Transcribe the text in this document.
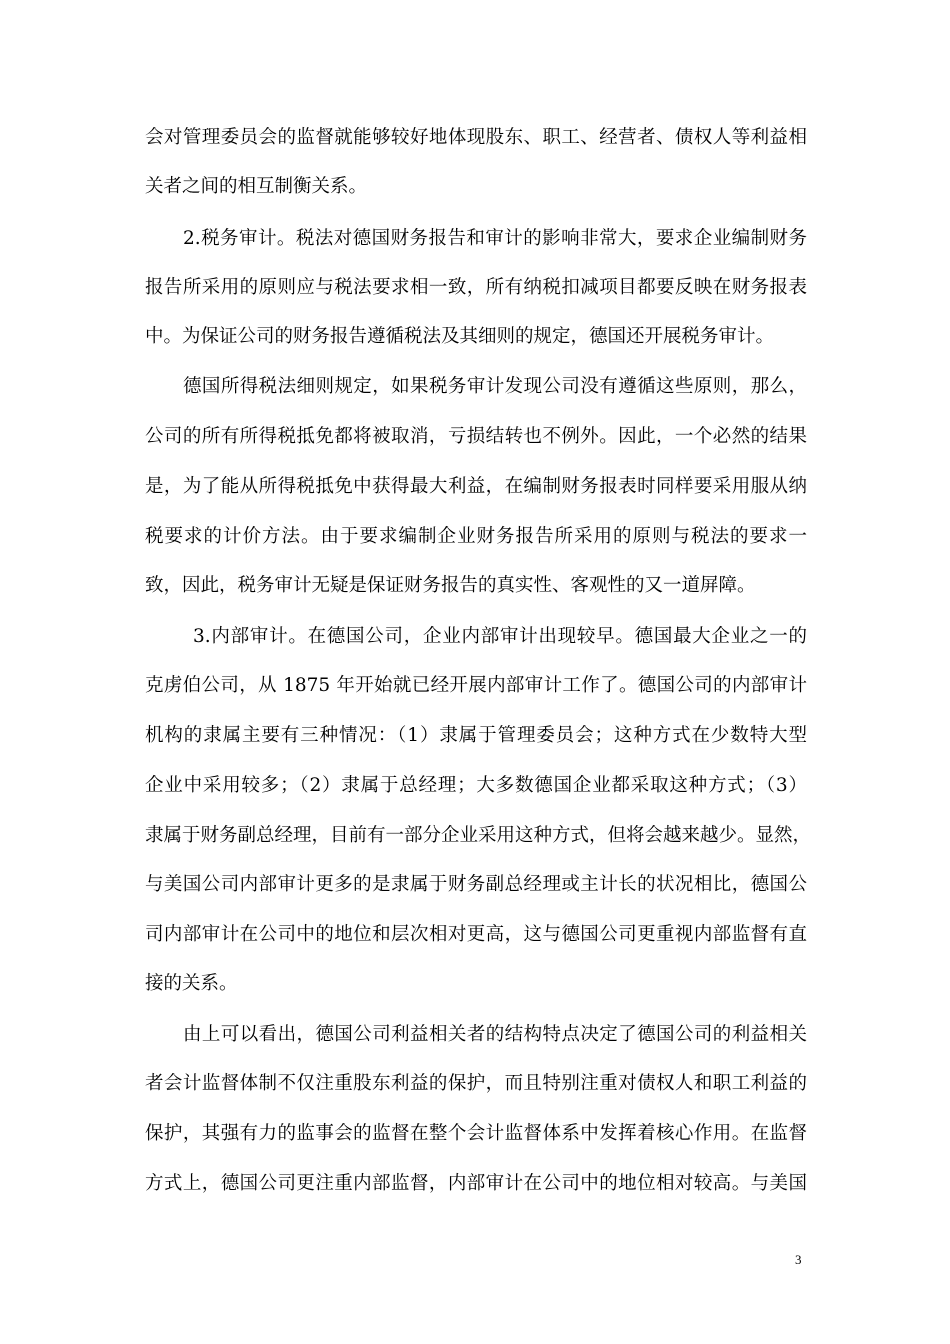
会对管理委员会的监督就能够较好地体现股东、职工、经营者、债权人等利益相
关者之间的相互制衡关系。
2.税务审计。税法对德国财务报告和审计的影响非常大，要求企业编制财务
报告所采用的原则应与税法要求相一致，所有纳税扣减项目都要反映在财务报表
中。为保证公司的财务报告遵循税法及其细则的规定，德国还开展税务审计。
德国所得税法细则规定，如果税务审计发现公司没有遵循这些原则，那么，
公司的所有所得税抵免都将被取消，亏损结转也不例外。因此，一个必然的结果
是，为了能从所得税抵免中获得最大利益，在编制财务报表时同样要采用服从纳
税要求的计价方法。由于要求编制企业财务报告所采用的原则与税法的要求一
致，因此，税务审计无疑是保证财务报告的真实性、客观性的又一道屏障。
3.内部审计。在德国公司，企业内部审计出现较早。德国最大企业之一的
克虏伯公司，从 1875 年开始就已经开展内部审计工作了。德国公司的内部审计
机构的隶属主要有三种情况：（1）隶属于管理委员会；这种方式在少数特大型
企业中采用较多；（2）隶属于总经理；大多数德国企业都采取这种方式；（3）
隶属于财务副总经理，目前有一部分企业采用这种方式，但将会越来越少。显然，
与美国公司内部审计更多的是隶属于财务副总经理或主计长的状况相比，德国公
司内部审计在公司中的地位和层次相对更高，这与德国公司更重视内部监督有直
接的关系。
由上可以看出，德国公司利益相关者的结构特点决定了德国公司的利益相关
者会计监督体制不仅注重股东利益的保护，而且特别注重对债权人和职工利益的
保护，其强有力的监事会的监督在整个会计监督体系中发挥着核心作用。在监督
方式上，德国公司更注重内部监督，内部审计在公司中的地位相对较高。与美国
3
